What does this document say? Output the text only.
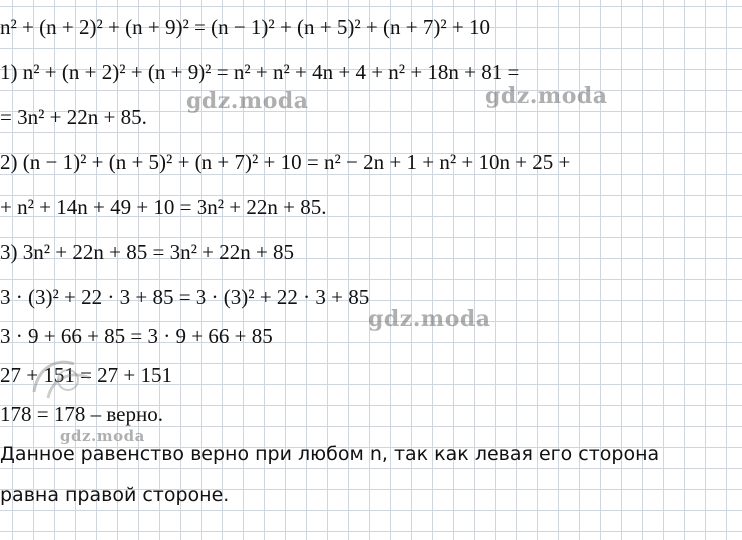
n² + (n + 2)² + (n + 9)² = (n − 1)² + (n + 5)² + (n + 7)² + 10
1) n² + (n + 2)² + (n + 9)² = n² + n² + 4n + 4 + n² + 18n + 81 =
= 3n² + 22n + 85.
2) (n − 1)² + (n + 5)² + (n + 7)² + 10 = n² − 2n + 1 + n² + 10n + 25 +
+ n² + 14n + 49 + 10 = 3n² + 22n + 85.
3) 3n² + 22n + 85 = 3n² + 22n + 85
3 · (3)² + 22 · 3 + 85 = 3 · (3)² + 22 · 3 + 85
3 · 9 + 66 + 85 = 3 · 9 + 66 + 85
27 + 151 = 27 + 151
178 = 178 – верно.
Данное равенство верно при любом n, так как левая его сторона
равна правой стороне.
gdz.moda	gdz.moda
gdz.moda
gdz.moda
